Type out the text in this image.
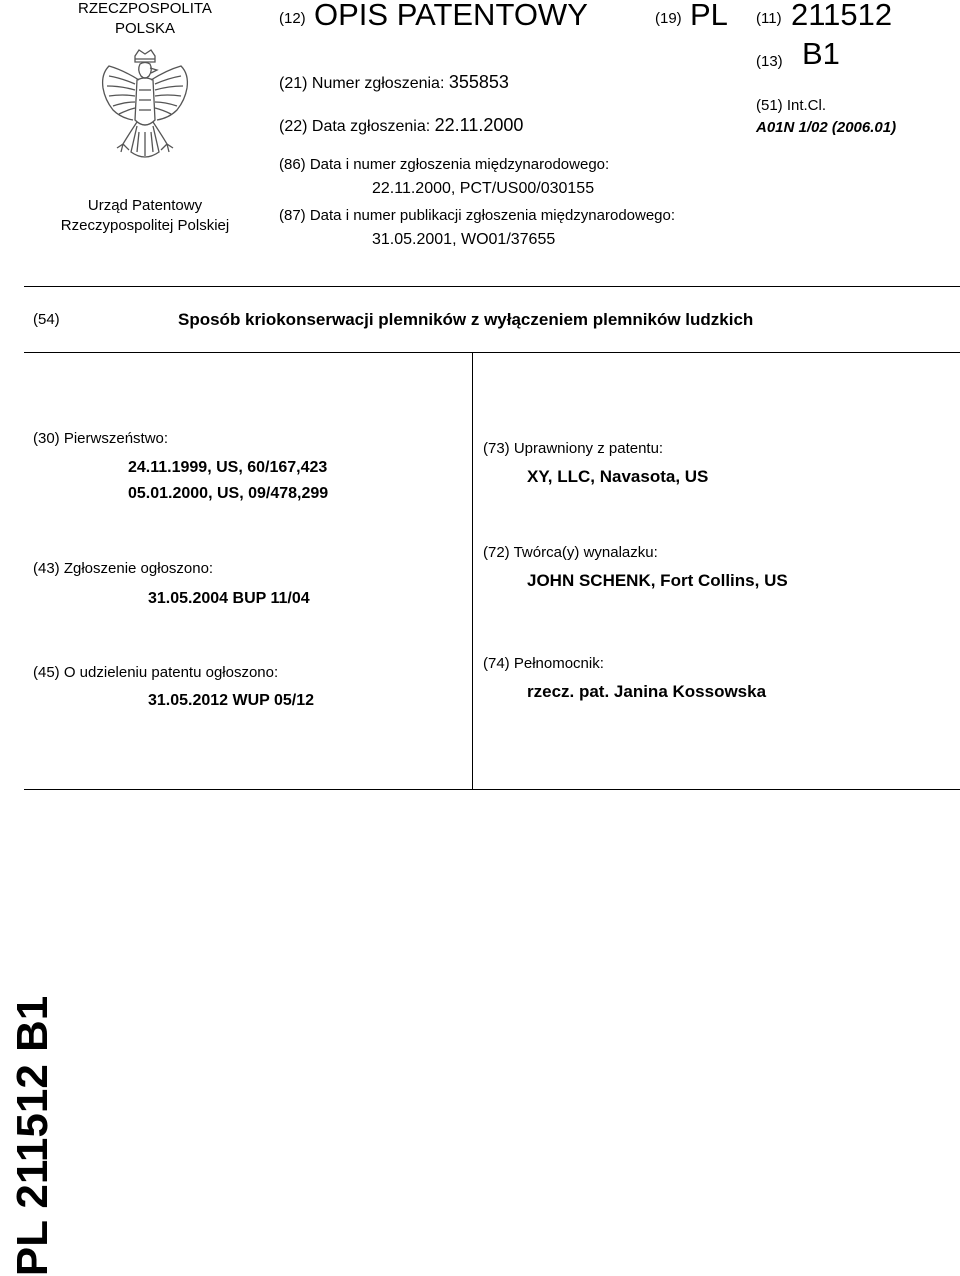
RZECZPOSPOLITA
POLSKA
Urząd Patentowy
Rzeczypospolitej Polskiej
(12) OPIS PATENTOWY	(19) PL (11) 211512
(13) B1
(51) Int.Cl.
A01N 1/02 (2006.01)
(21) Numer zgłoszenia: 355853
(22) Data zgłoszenia: 22.11.2000
(86) Data i numer zgłoszenia międzynarodowego:
22.11.2000, PCT/US00/030155
(87) Data i numer publikacji zgłoszenia międzynarodowego:
31.05.2001, WO01/37655
(54)	Sposób kriokonserwacji plemników z wyłączeniem plemników ludzkich
(30) Pierwszeństwo:
24.11.1999, US, 60/167,423
05.01.2000, US, 09/478,299
(43) Zgłoszenie ogłoszono:
31.05.2004 BUP 11/04
(45) O udzieleniu patentu ogłoszono:
31.05.2012 WUP 05/12
(73) Uprawniony z patentu:
XY, LLC, Navasota, US
(72) Twórca(y) wynalazku:
JOHN SCHENK, Fort Collins, US
(74) Pełnomocnik:
rzecz. pat. Janina Kossowska
PL 211512 B1
